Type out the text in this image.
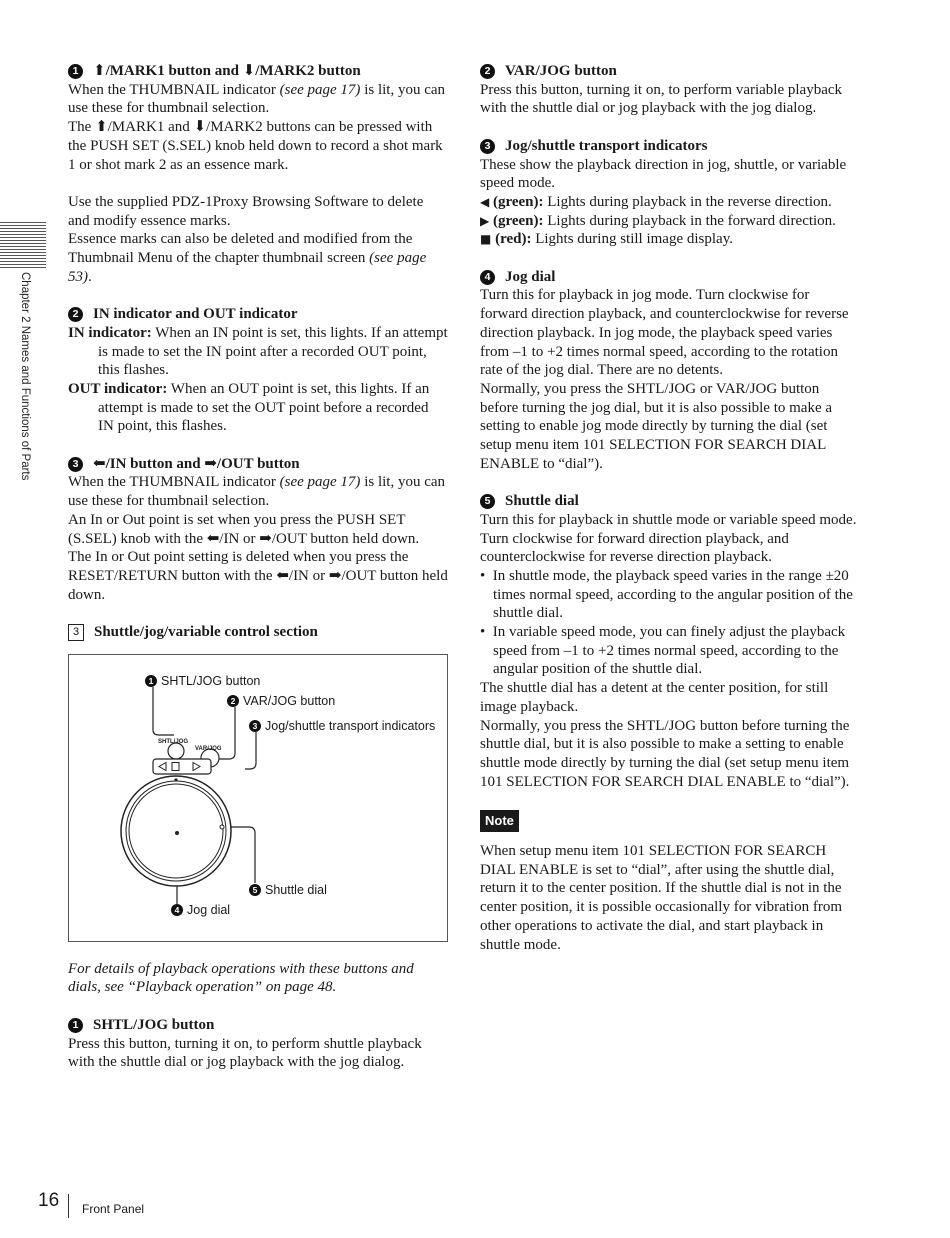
Chapter 2 Names and Functions of Parts
1 ⬆/MARK1 button and ⬇/MARK2 button

When the THUMBNAIL indicator (see page 17) is lit, you can use these for thumbnail selection.

The ⬆/MARK1 and ⬇/MARK2 buttons can be pressed with the PUSH SET (S.SEL) knob held down to record a shot mark 1 or shot mark 2 as an essence mark.

Use the supplied PDZ-1Proxy Browsing Software to delete and modify essence marks.

Essence marks can also be deleted and modified from the Thumbnail Menu of the chapter thumbnail screen (see page 53).

2 IN indicator and OUT indicator

IN indicator: When an IN point is set, this lights. If an attempt is made to set the IN point after a recorded OUT point, this flashes.

OUT indicator: When an OUT point is set, this lights. If an attempt is made to set the OUT point before a recorded IN point, this flashes.

3 ⬅/IN button and ➡/OUT button

When the THUMBNAIL indicator (see page 17) is lit, you can use these for thumbnail selection.

An In or Out point is set when you press the PUSH SET (S.SEL) knob with the ⬅/IN or ➡/OUT button held down.

The In or Out point setting is deleted when you press the RESET/RETURN button with the ⬅/IN or ➡/OUT button held down.

3 Shuttle/jog/variable control section
SHTL/JOG
VAR/JOG
1 SHTL/JOG button
2 VAR/JOG button
3 Jog/shuttle transport indicators
5 Shuttle dial
4 Jog dial

For details of playback operations with these buttons and dials, see “Playback operation” on page 48.

1 SHTL/JOG button

Press this button, turning it on, to perform shuttle playback with the shuttle dial or jog playback with the jog dialog.

2 VAR/JOG button

Press this button, turning it on, to perform variable playback with the shuttle dial or jog playback with the jog dialog.

3 Jog/shuttle transport indicators

These show the playback direction in jog, shuttle, or variable speed mode.

◀ (green): Lights during playback in the reverse direction.

▶ (green): Lights during playback in the forward direction.

■ (red): Lights during still image display.

4 Jog dial

Turn this for playback in jog mode. Turn clockwise for forward direction playback, and counterclockwise for reverse direction playback. In jog mode, the playback speed varies from –1 to +2 times normal speed, according to the rotation rate of the jog dial. There are no detents.

Normally, you press the SHTL/JOG or VAR/JOG button before turning the jog dial, but it is also possible to make a setting to enable jog mode directly by turning the dial (set setup menu item 101 SELECTION FOR SEARCH DIAL ENABLE to “dial”).

5 Shuttle dial

Turn this for playback in shuttle mode or variable speed mode. Turn clockwise for forward direction playback, and counterclockwise for reverse direction playback.

•  In shuttle mode, the playback speed varies in the range ±20 times normal speed, according to the angular position of the shuttle dial.

•  In variable speed mode, you can finely adjust the playback speed from –1 to +2 times normal speed, according to the angular position of the shuttle dial.

The shuttle dial has a detent at the center position, for still image playback.

Normally, you press the SHTL/JOG button before turning the shuttle dial, but it is also possible to make a setting to enable shuttle mode directly by turning the dial (set setup menu item 101 SELECTION FOR SEARCH DIAL ENABLE to “dial”).

Note

When setup menu item 101 SELECTION FOR SEARCH DIAL ENABLE is set to “dial”, after using the shuttle dial, return it to the center position. If the shuttle dial is not in the center position, it is possible occasionally for vibration from other operations to activate the dial, and start playback in shuttle mode.

16 Front Panel
